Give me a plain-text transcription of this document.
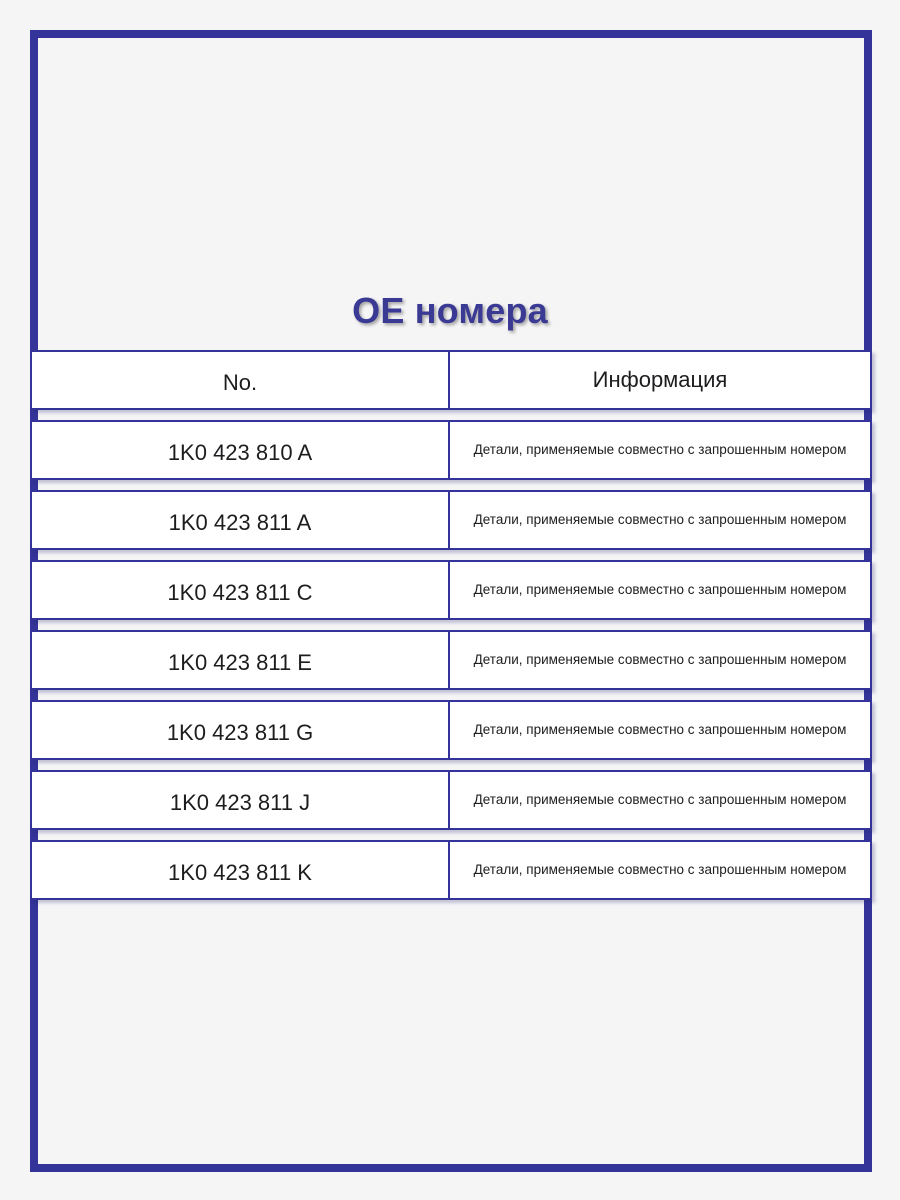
OE номера
No.	Информация
1K0 423 810 A	Детали, применяемые совместно с запрошенным номером
1K0 423 811 A	Детали, применяемые совместно с запрошенным номером
1K0 423 811 C	Детали, применяемые совместно с запрошенным номером
1K0 423 811 E	Детали, применяемые совместно с запрошенным номером
1K0 423 811 G	Детали, применяемые совместно с запрошенным номером
1K0 423 811 J	Детали, применяемые совместно с запрошенным номером
1K0 423 811 K	Детали, применяемые совместно с запрошенным номером
